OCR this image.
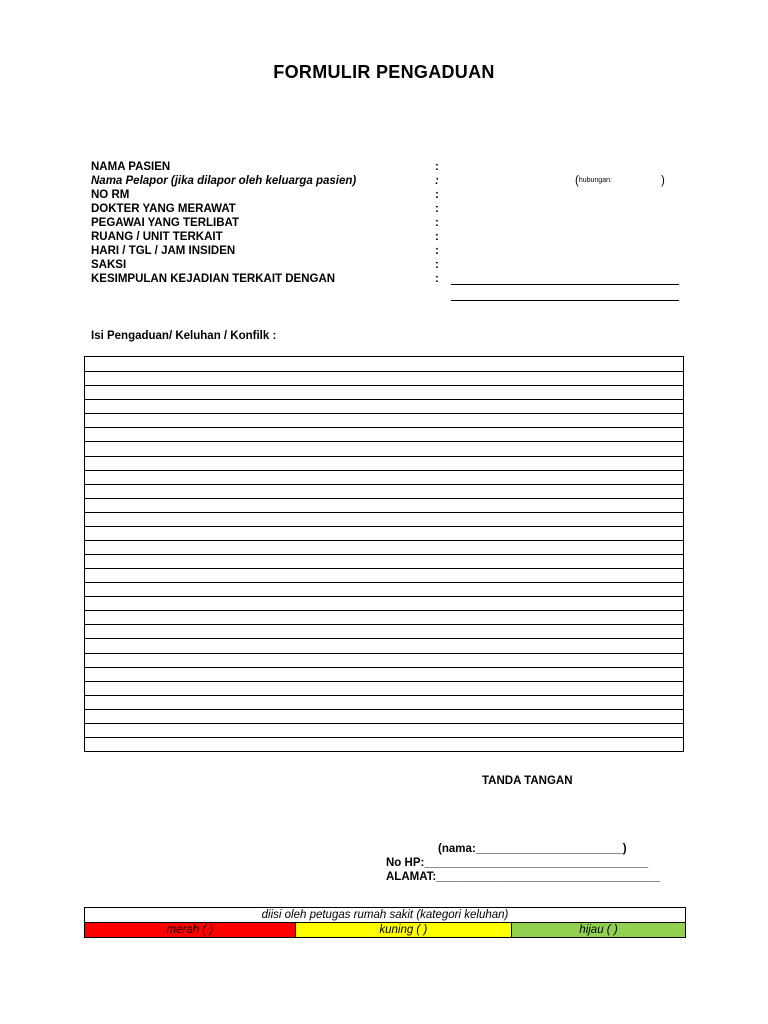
FORMULIR PENGADUAN
NAMA PASIEN	:
Nama Pelapor (jika dilapor oleh keluarga pasien)	:	(hubungan:	)
NO RM	:
DOKTER YANG MERAWAT	:
PEGAWAI YANG TERLIBAT	:
RUANG / UNIT TERKAIT	:
HARI / TGL / JAM INSIDEN	:
SAKSI	:
KESIMPULAN KEJADIAN TERKAIT DENGAN	:
Isi Pengaduan/ Keluhan / Konfilk :
TANDA TANGAN
(nama:_______________________)
No HP:___________________________________
ALAMAT:___________________________________
diisi oleh petugas rumah sakit (kategori keluhan)
merah ( )	kuning ( )	hijau ( )
